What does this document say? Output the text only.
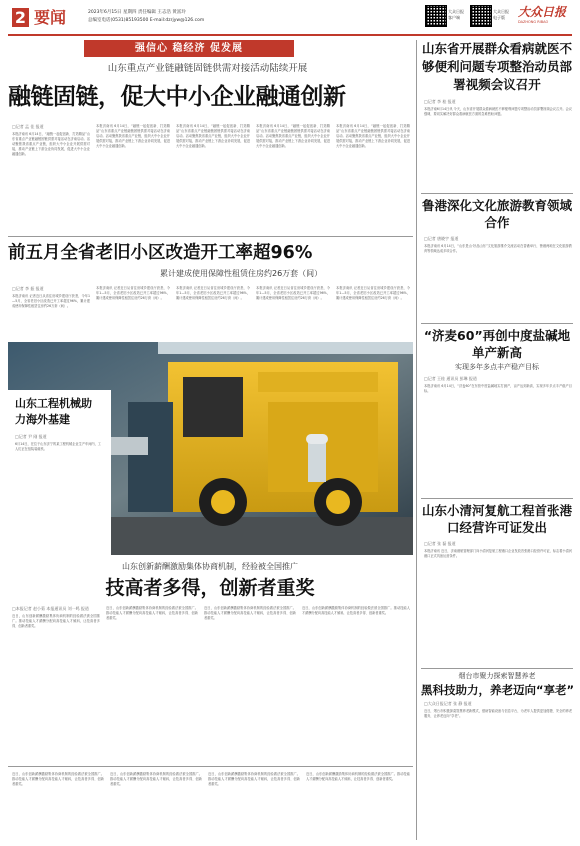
2 要闻	2023年6月15日 星期四 责任编辑 王志浩 黄富玲
总编室电话(0531)85193500 E-mail:dzrjyw@126.com
大众日报
客户端
大众日报
电子版	大众日报
DAZHONG RIBAO
强信心 稳经济 促发展
山东重点产业链融链固链供需对接活动陆续开展
融链固链，促大中小企业融通创新
□记者 孟 佳 报道
本报济南讯 6月14日，“融链一起促创新、打造精品”山东省重点产业链融链固链供需对接活动在济南启动。活动聚焦我省重点产业链，组织大中小企业开展供需对接，推动产业链上下游企业协同发展，促进大中小企业融通创新。
本报济南讯 6月14日，“融链一起促创新、打造精品”山东省重点产业链融链固链供需对接活动在济南启动。活动聚焦我省重点产业链，组织大中小企业开展供需对接，推动产业链上下游企业协同发展，促进大中小企业融通创新。
本报济南讯 6月14日，“融链一起促创新、打造精品”山东省重点产业链融链固链供需对接活动在济南启动。活动聚焦我省重点产业链，组织大中小企业开展供需对接，推动产业链上下游企业协同发展，促进大中小企业融通创新。
本报济南讯 6月14日，“融链一起促创新、打造精品”山东省重点产业链融链固链供需对接活动在济南启动。活动聚焦我省重点产业链，组织大中小企业开展供需对接，推动产业链上下游企业协同发展，促进大中小企业融通创新。
本报济南讯 6月14日，“融链一起促创新、打造精品”山东省重点产业链融链固链供需对接活动在济南启动。活动聚焦我省重点产业链，组织大中小企业开展供需对接，推动产业链上下游企业协同发展，促进大中小企业融通创新。
前五月全省老旧小区改造开工率超96%
累计建成使用保障性租赁住房约26万套（间）
□记者 李 振 报道
本报济南讯 记者近日从省住房城乡建设厅获悉，今年1—5月，全省老旧小区改造已开工率超过96%，累计建成使用保障性租赁住房约26万套（间）。
本报济南讯 记者近日从省住房城乡建设厅获悉，今年1—5月，全省老旧小区改造已开工率超过96%，累计建成使用保障性租赁住房约26万套（间）。
本报济南讯 记者近日从省住房城乡建设厅获悉，今年1—5月，全省老旧小区改造已开工率超过96%，累计建成使用保障性租赁住房约26万套（间）。
本报济南讯 记者近日从省住房城乡建设厅获悉，今年1—5月，全省老旧小区改造已开工率超过96%，累计建成使用保障性租赁住房约26万套（间）。
本报济南讯 记者近日从省住房城乡建设厅获悉，今年1—5月，全省老旧小区改造已开工率超过96%，累计建成使用保障性租赁住房约26万套（间）。
山东工程机械助力海外基建
□记者 尹 刚 报道
6月14日，在位于山东济宁的某工程机械企业生产车间内，工人们正在组装装载机。
山东创新薪酬激励集体协商机制，经验被全国推广
技高者多得，创新者重奖
□本报记者 赵小菊 本报通讯员 刘一鸣 报道
近日，山东创新薪酬激励集体协商机制的经验做法被全国推广。推动技能人才薪酬分配向高技能人才倾斜，让技高者多得、创新者重奖。
近日，山东创新薪酬激励集体协商机制的经验做法被全国推广。推动技能人才薪酬分配向高技能人才倾斜，让技高者多得、创新者重奖。
近日，山东创新薪酬激励集体协商机制的经验做法被全国推广。推动技能人才薪酬分配向高技能人才倾斜，让技高者多得、创新者重奖。
近日，山东创新薪酬激励集体协商机制的经验做法被全国推广。推动技能人才薪酬分配向高技能人才倾斜，让技高者多得、创新者重奖。
近日，山东创新薪酬激励集体协商机制的经验做法被全国推广。推动技能人才薪酬分配向高技能人才倾斜，让技高者多得、创新者重奖。
近日，山东创新薪酬激励集体协商机制的经验做法被全国推广。推动技能人才薪酬分配向高技能人才倾斜，让技高者多得、创新者重奖。
近日，山东创新薪酬激励集体协商机制的经验做法被全国推广。推动技能人才薪酬分配向高技能人才倾斜，让技高者多得、创新者重奖。
近日，山东创新薪酬激励集体协商机制的经验做法被全国推广。推动技能人才薪酬分配向高技能人才倾斜，让技高者多得、创新者重奖。
山东省开展群众看病就医不够便利问题专项整治动员部署视频会议召开
□记者 李 桂 报道
本报济南6月14日讯 今天，山东省开展群众看病就医不够便利问题专项整治动员部署视频会议召开。会议强调，要切实解决好群众看病就医方面的急难愁盼问题。
鲁港深化文化旅游教育领域合作
□记者 唐晓宇 报道
本报济南讯 6月14日，“山东是山·好品山东”文化旅游推介交流活动在香港举行，鲁港两地在文化旅游教育等领域达成多项合作。
“济麦60”再创中度盐碱地单产新高
实现多年多点丰产稳产目标
□记者 王桂 通讯员 彭琳 报道
本报济南讯 6月14日，“济麦60”在东营中度盐碱地实打测产，亩产达到新高，实现多年多点丰产稳产目标。
山东小清河复航工程首张港口经营许可证发出
□记者 张 磊 报道
本报济南讯 近日，济南港航管理部门向小清河复航工程港口企业发放首张港口经营许可证，标志着小清河港口正式具备运营条件。
烟台市聚力探索智慧养老
黑科技助力，养老迈向“享老”
□大众日报记者 张 静 报道
近日，烟台市积极探索智慧养老新模式，借助智能设备与信息平台，为老年人提供更加便捷、安全的养老服务，让养老迈向“享老”。
